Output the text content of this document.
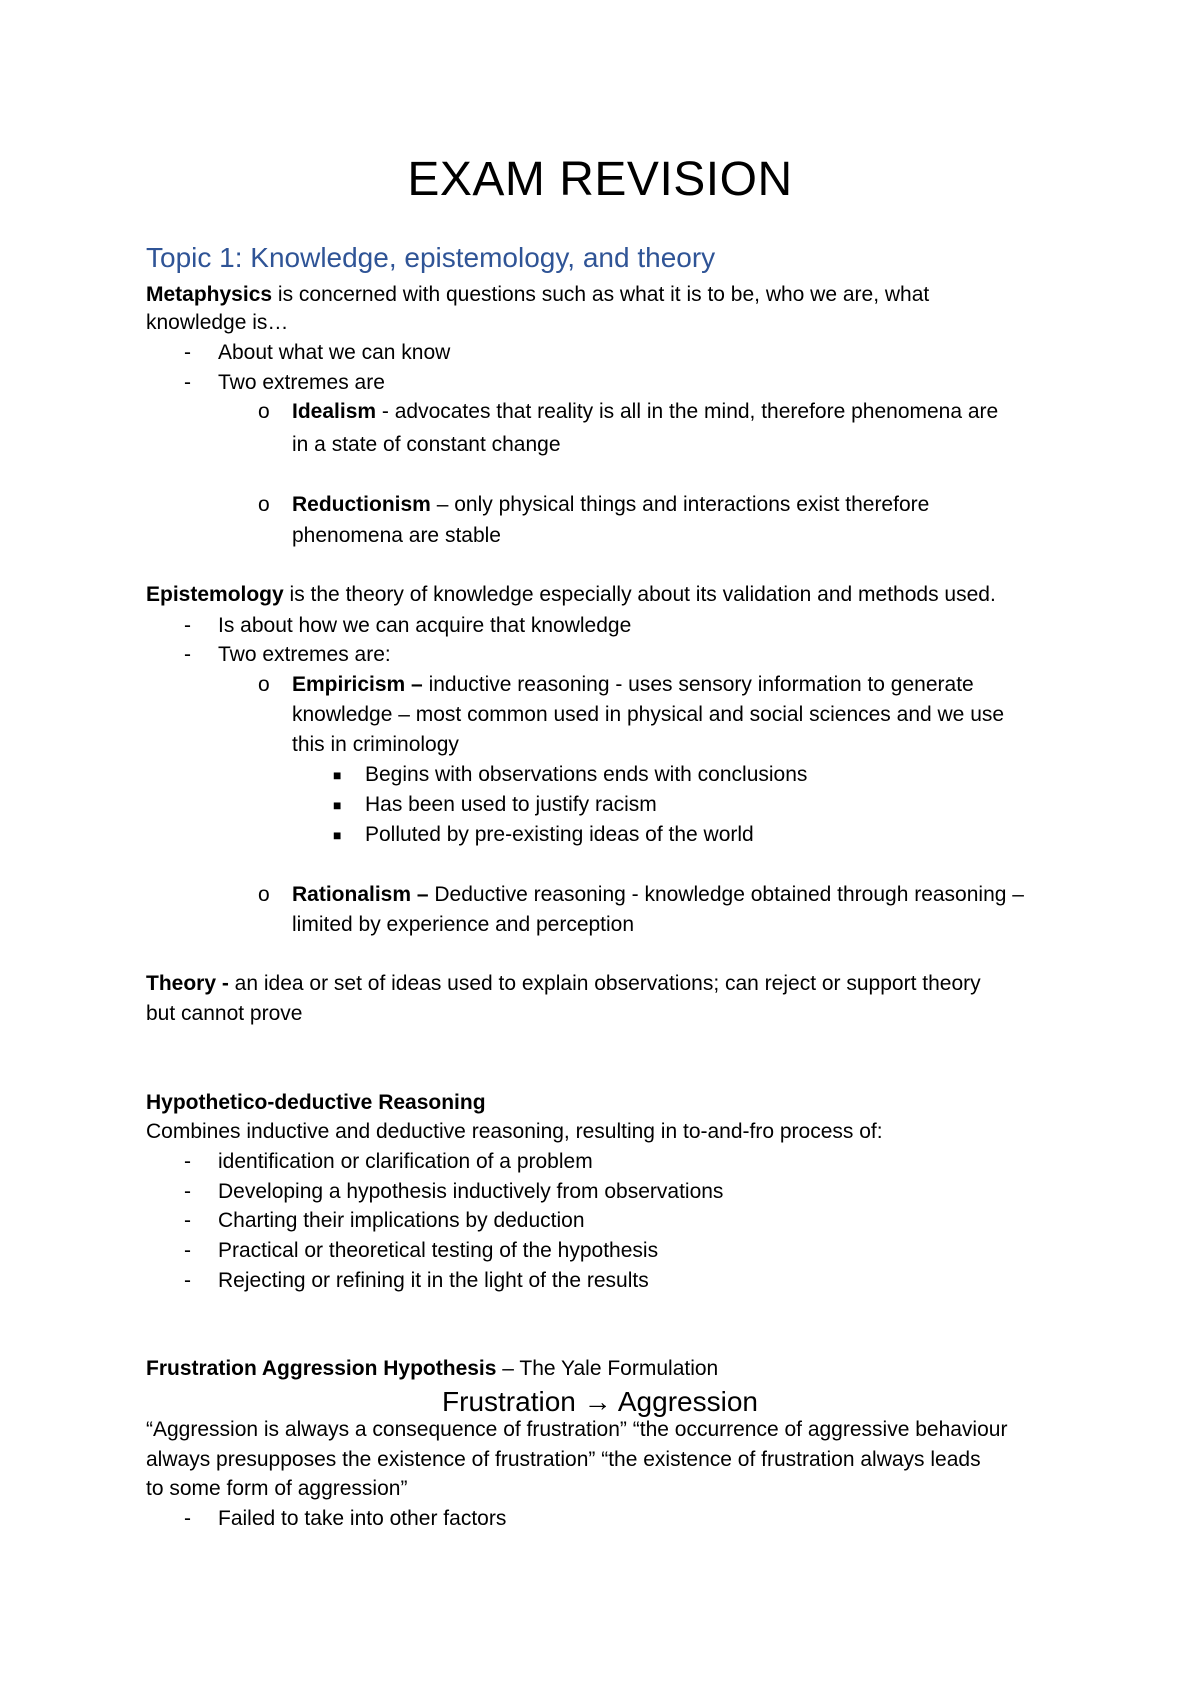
EXAM REVISION
Topic 1: Knowledge, epistemology, and theory
Metaphysics is concerned with questions such as what it is to be, who we are, what
knowledge is…
- About what we can know
- Two extremes are
o Idealism - advocates that reality is all in the mind, therefore phenomena are
in a state of constant change
o Reductionism – only physical things and interactions exist therefore
phenomena are stable
Epistemology is the theory of knowledge especially about its validation and methods used.
- Is about how we can acquire that knowledge
- Two extremes are:
o Empiricism – inductive reasoning - uses sensory information to generate
knowledge – most common used in physical and social sciences and we use
this in criminology
■ Begins with observations ends with conclusions
■ Has been used to justify racism
■ Polluted by pre-existing ideas of the world
o Rationalism – Deductive reasoning - knowledge obtained through reasoning –
limited by experience and perception
Theory - an idea or set of ideas used to explain observations; can reject or support theory
but cannot prove
Hypothetico-deductive Reasoning
Combines inductive and deductive reasoning, resulting in to-and-fro process of:
- identification or clarification of a problem
- Developing a hypothesis inductively from observations
- Charting their implications by deduction
- Practical or theoretical testing of the hypothesis
- Rejecting or refining it in the light of the results
Frustration Aggression Hypothesis – The Yale Formulation
Frustration → Aggression
“Aggression is always a consequence of frustration” “the occurrence of aggressive behaviour
always presupposes the existence of frustration” “the existence of frustration always leads
to some form of aggression”
- Failed to take into other factors
